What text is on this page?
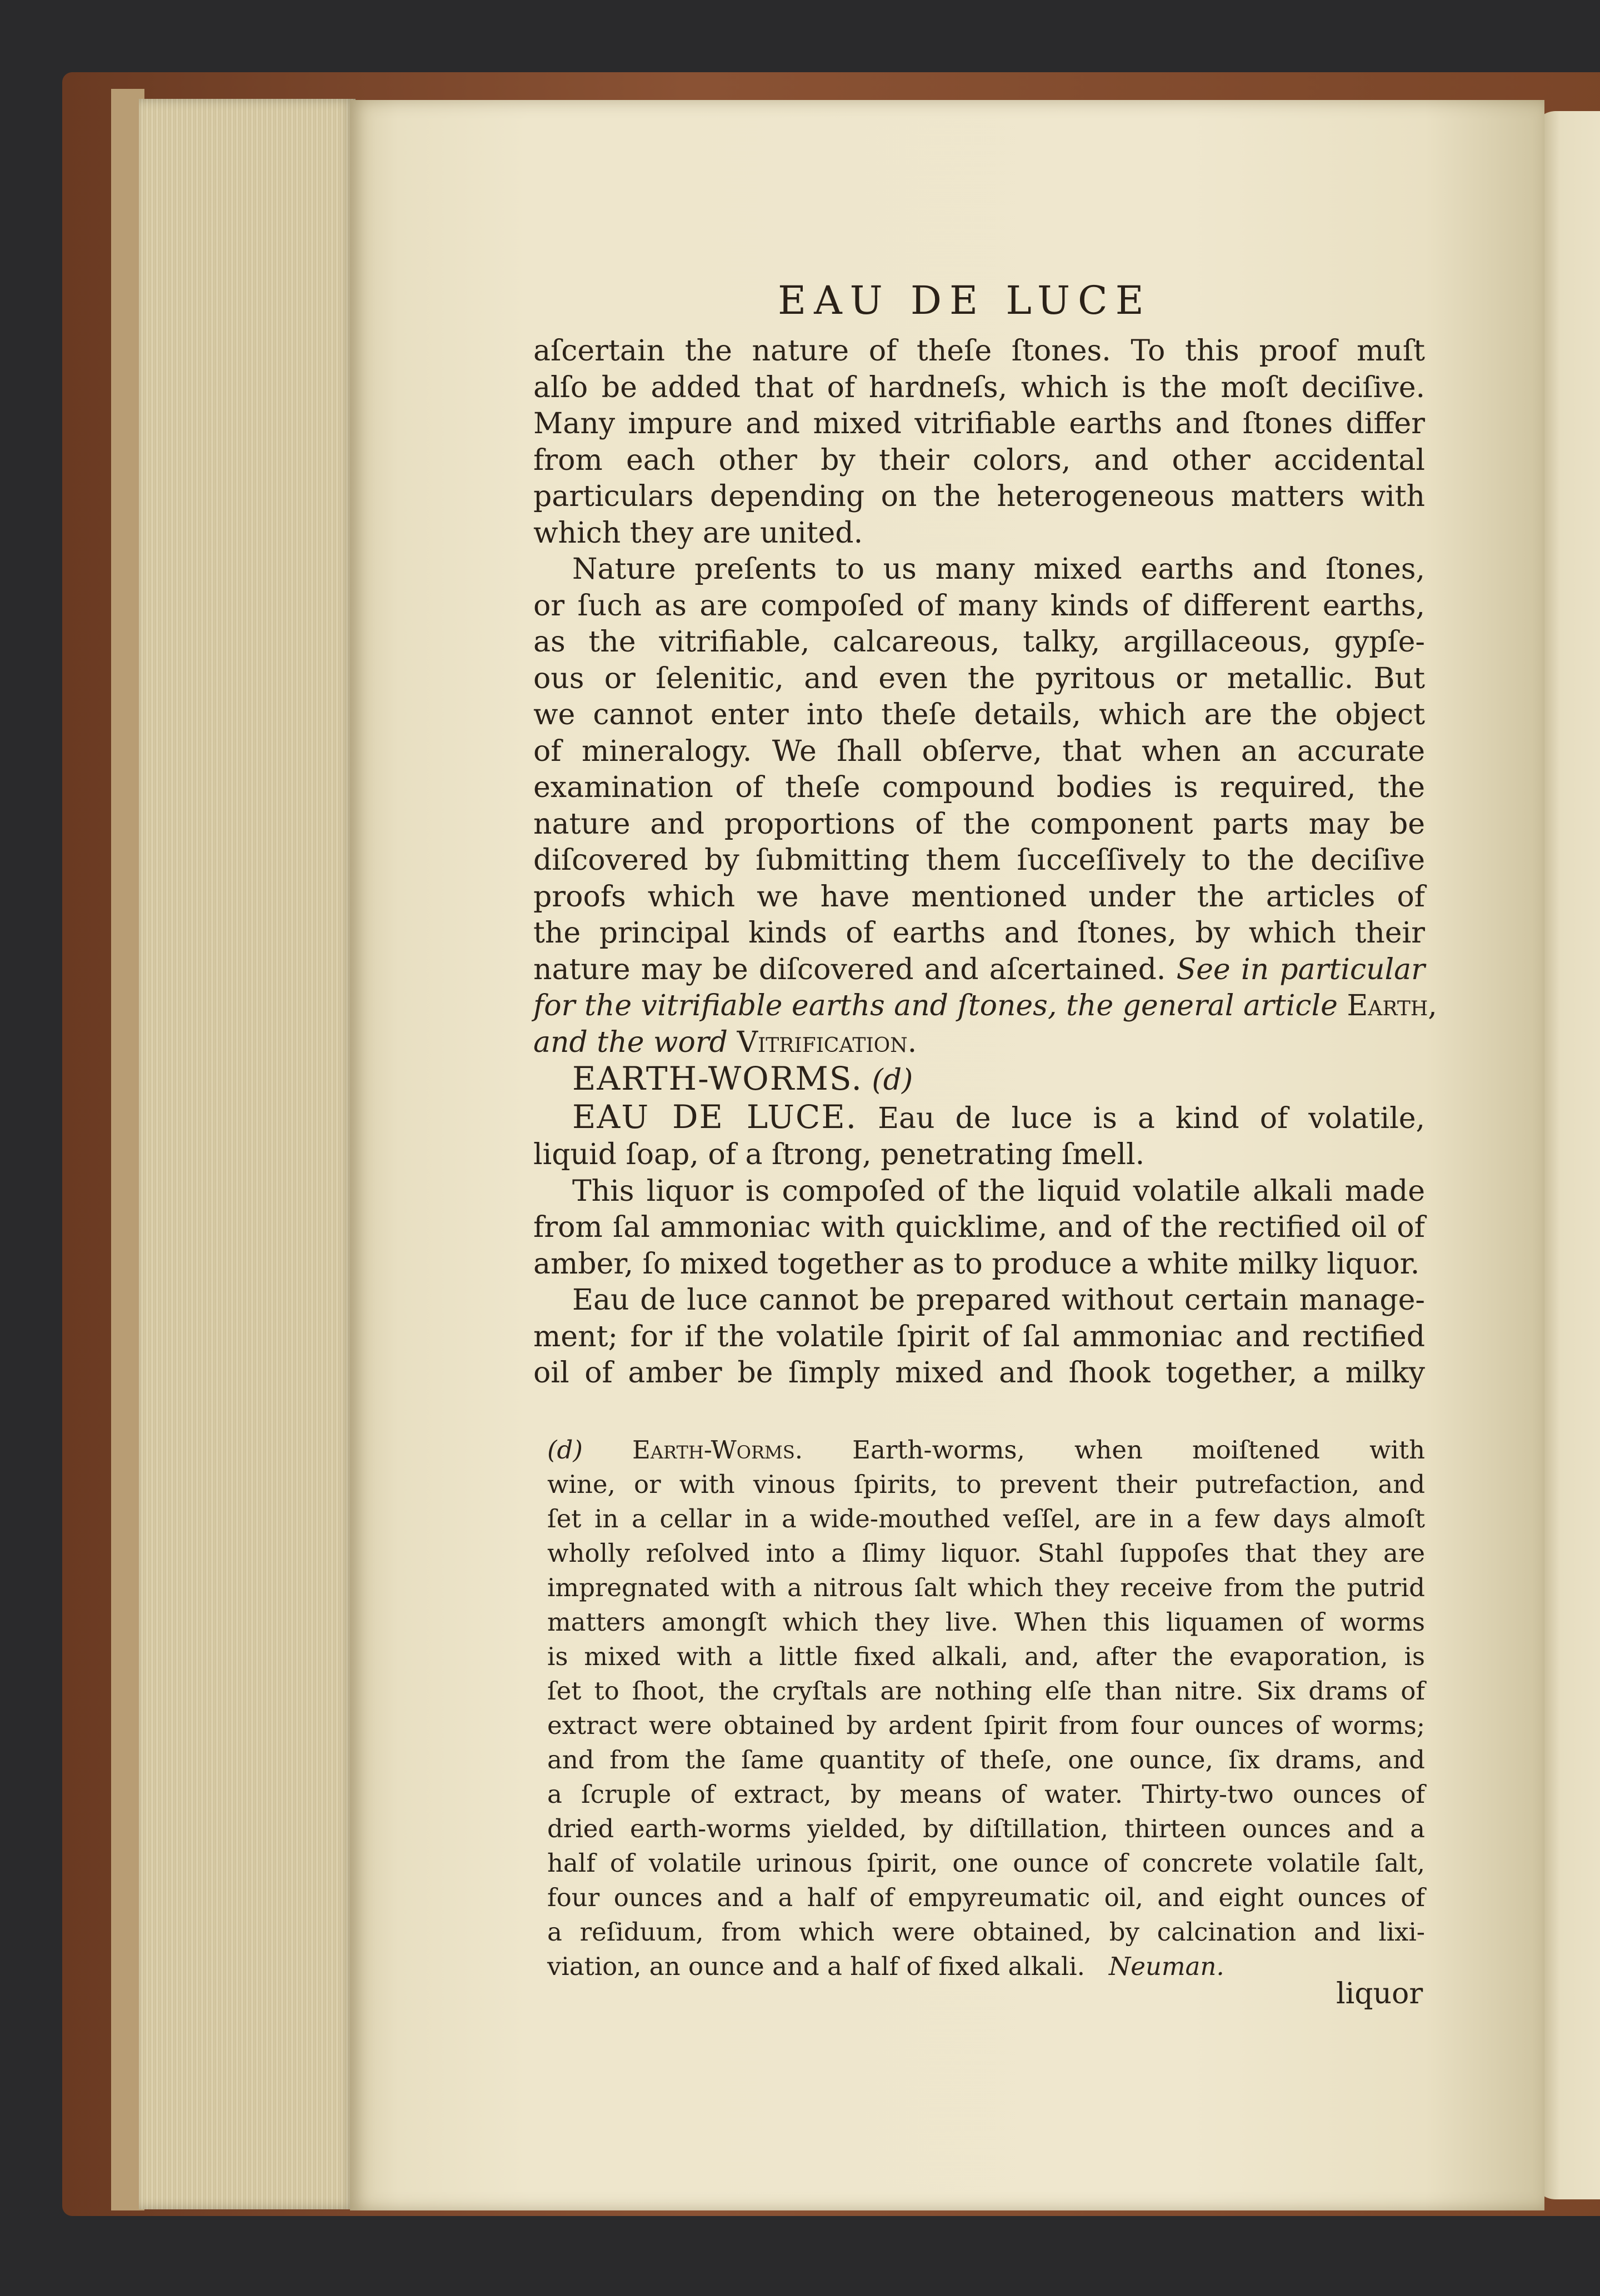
EAU DE LUCE
aſcertain the nature of theſe ſtones. To this proof muſt
alſo be added that of hardneſs, which is the moſt deciſive.
Many impure and mixed vitrifiable earths and ſtones differ
from each other by their colors, and other accidental
particulars depending on the heterogeneous matters with
which they are united.
Nature preſents to us many mixed earths and ſtones,
or ſuch as are compoſed of many kinds of different earths,
as the vitrifiable, calcareous, talky, argillaceous, gypſe-
ous or ſelenitic, and even the pyritous or metallic. But
we cannot enter into theſe details, which are the object
of mineralogy. We ſhall obſerve, that when an accurate
examination of theſe compound bodies is required, the
nature and proportions of the component parts may be
diſcovered by ſubmitting them ſucceſſively to the deciſive
proofs which we have mentioned under the articles of
the principal kinds of earths and ſtones, by which their
nature may be diſcovered and aſcertained. See in particular
for the vitrifiable earths and ſtones, the general article Earth,
and the word Vitrification.
EARTH-WORMS. (d)
EAU DE LUCE. Eau de luce is a kind of volatile,
liquid ſoap, of a ſtrong, penetrating ſmell.
This liquor is compoſed of the liquid volatile alkali made
from ſal ammoniac with quicklime, and of the rectified oil of
amber, ſo mixed together as to produce a white milky liquor.
Eau de luce cannot be prepared without certain manage-
ment; for if the volatile ſpirit of ſal ammoniac and rectified
oil of amber be ſimply mixed and ſhook together, a milky
(d) Earth-Worms. Earth-worms, when moiſtened with
wine, or with vinous ſpirits, to prevent their putrefaction, and
ſet in a cellar in a wide-mouthed veſſel, are in a few days almoſt
wholly reſolved into a ſlimy liquor. Stahl ſuppoſes that they are
impregnated with a nitrous ſalt which they receive from the putrid
matters amongſt which they live. When this liquamen of worms
is mixed with a little fixed alkali, and, after the evaporation, is
ſet to ſhoot, the cryſtals are nothing elſe than nitre. Six drams of
extract were obtained by ardent ſpirit from four ounces of worms;
and from the ſame quantity of theſe, one ounce, ſix drams, and
a ſcruple of extract, by means of water. Thirty-two ounces of
dried earth-worms yielded, by diſtillation, thirteen ounces and a
half of volatile urinous ſpirit, one ounce of concrete volatile ſalt,
four ounces and a half of empyreumatic oil, and eight ounces of
a reſiduum, from which were obtained, by calcination and lixi-
viation, an ounce and a half of fixed alkali. Neuman.
liquor
